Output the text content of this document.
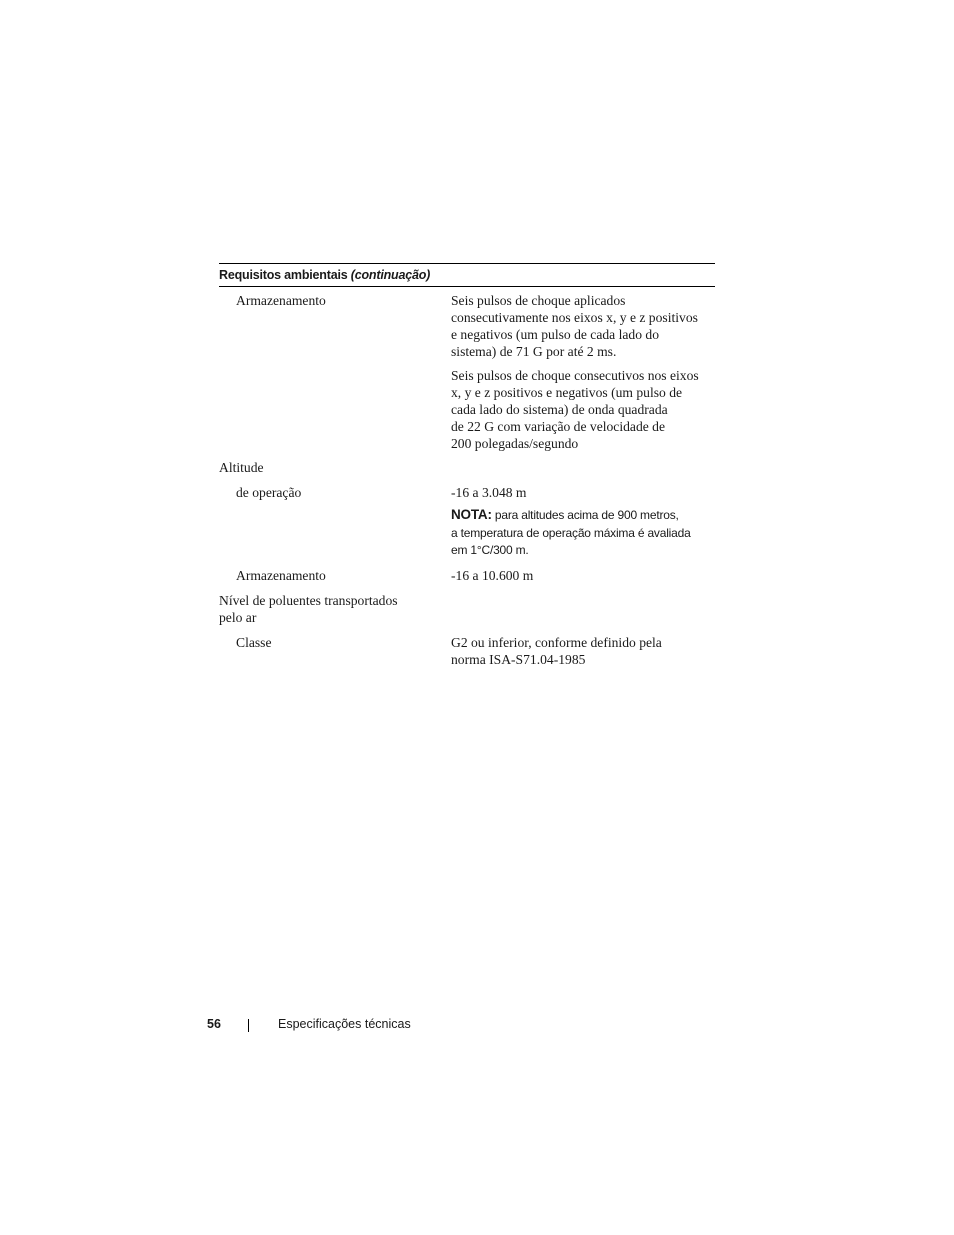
Requisitos ambientais (continuação)
Armazenamento	Seis pulsos de choque aplicados
consecutivamente nos eixos x, y e z positivos
e negativos (um pulso de cada lado do
sistema) de 71 G por até 2 ms.
Seis pulsos de choque consecutivos nos eixos
x, y e z positivos e negativos (um pulso de
cada lado do sistema) de onda quadrada
de 22 G com variação de velocidade de
200 polegadas/segundo
Altitude
de operação	-16 a 3.048 m
NOTA: para altitudes acima de 900 metros,
a temperatura de operação máxima é avaliada
em 1°C/300 m.
Armazenamento	-16 a 10.600 m
Nível de poluentes transportados
pelo ar
Classe	G2 ou inferior, conforme definido pela
norma ISA-S71.04-1985
56	Especificações técnicas
